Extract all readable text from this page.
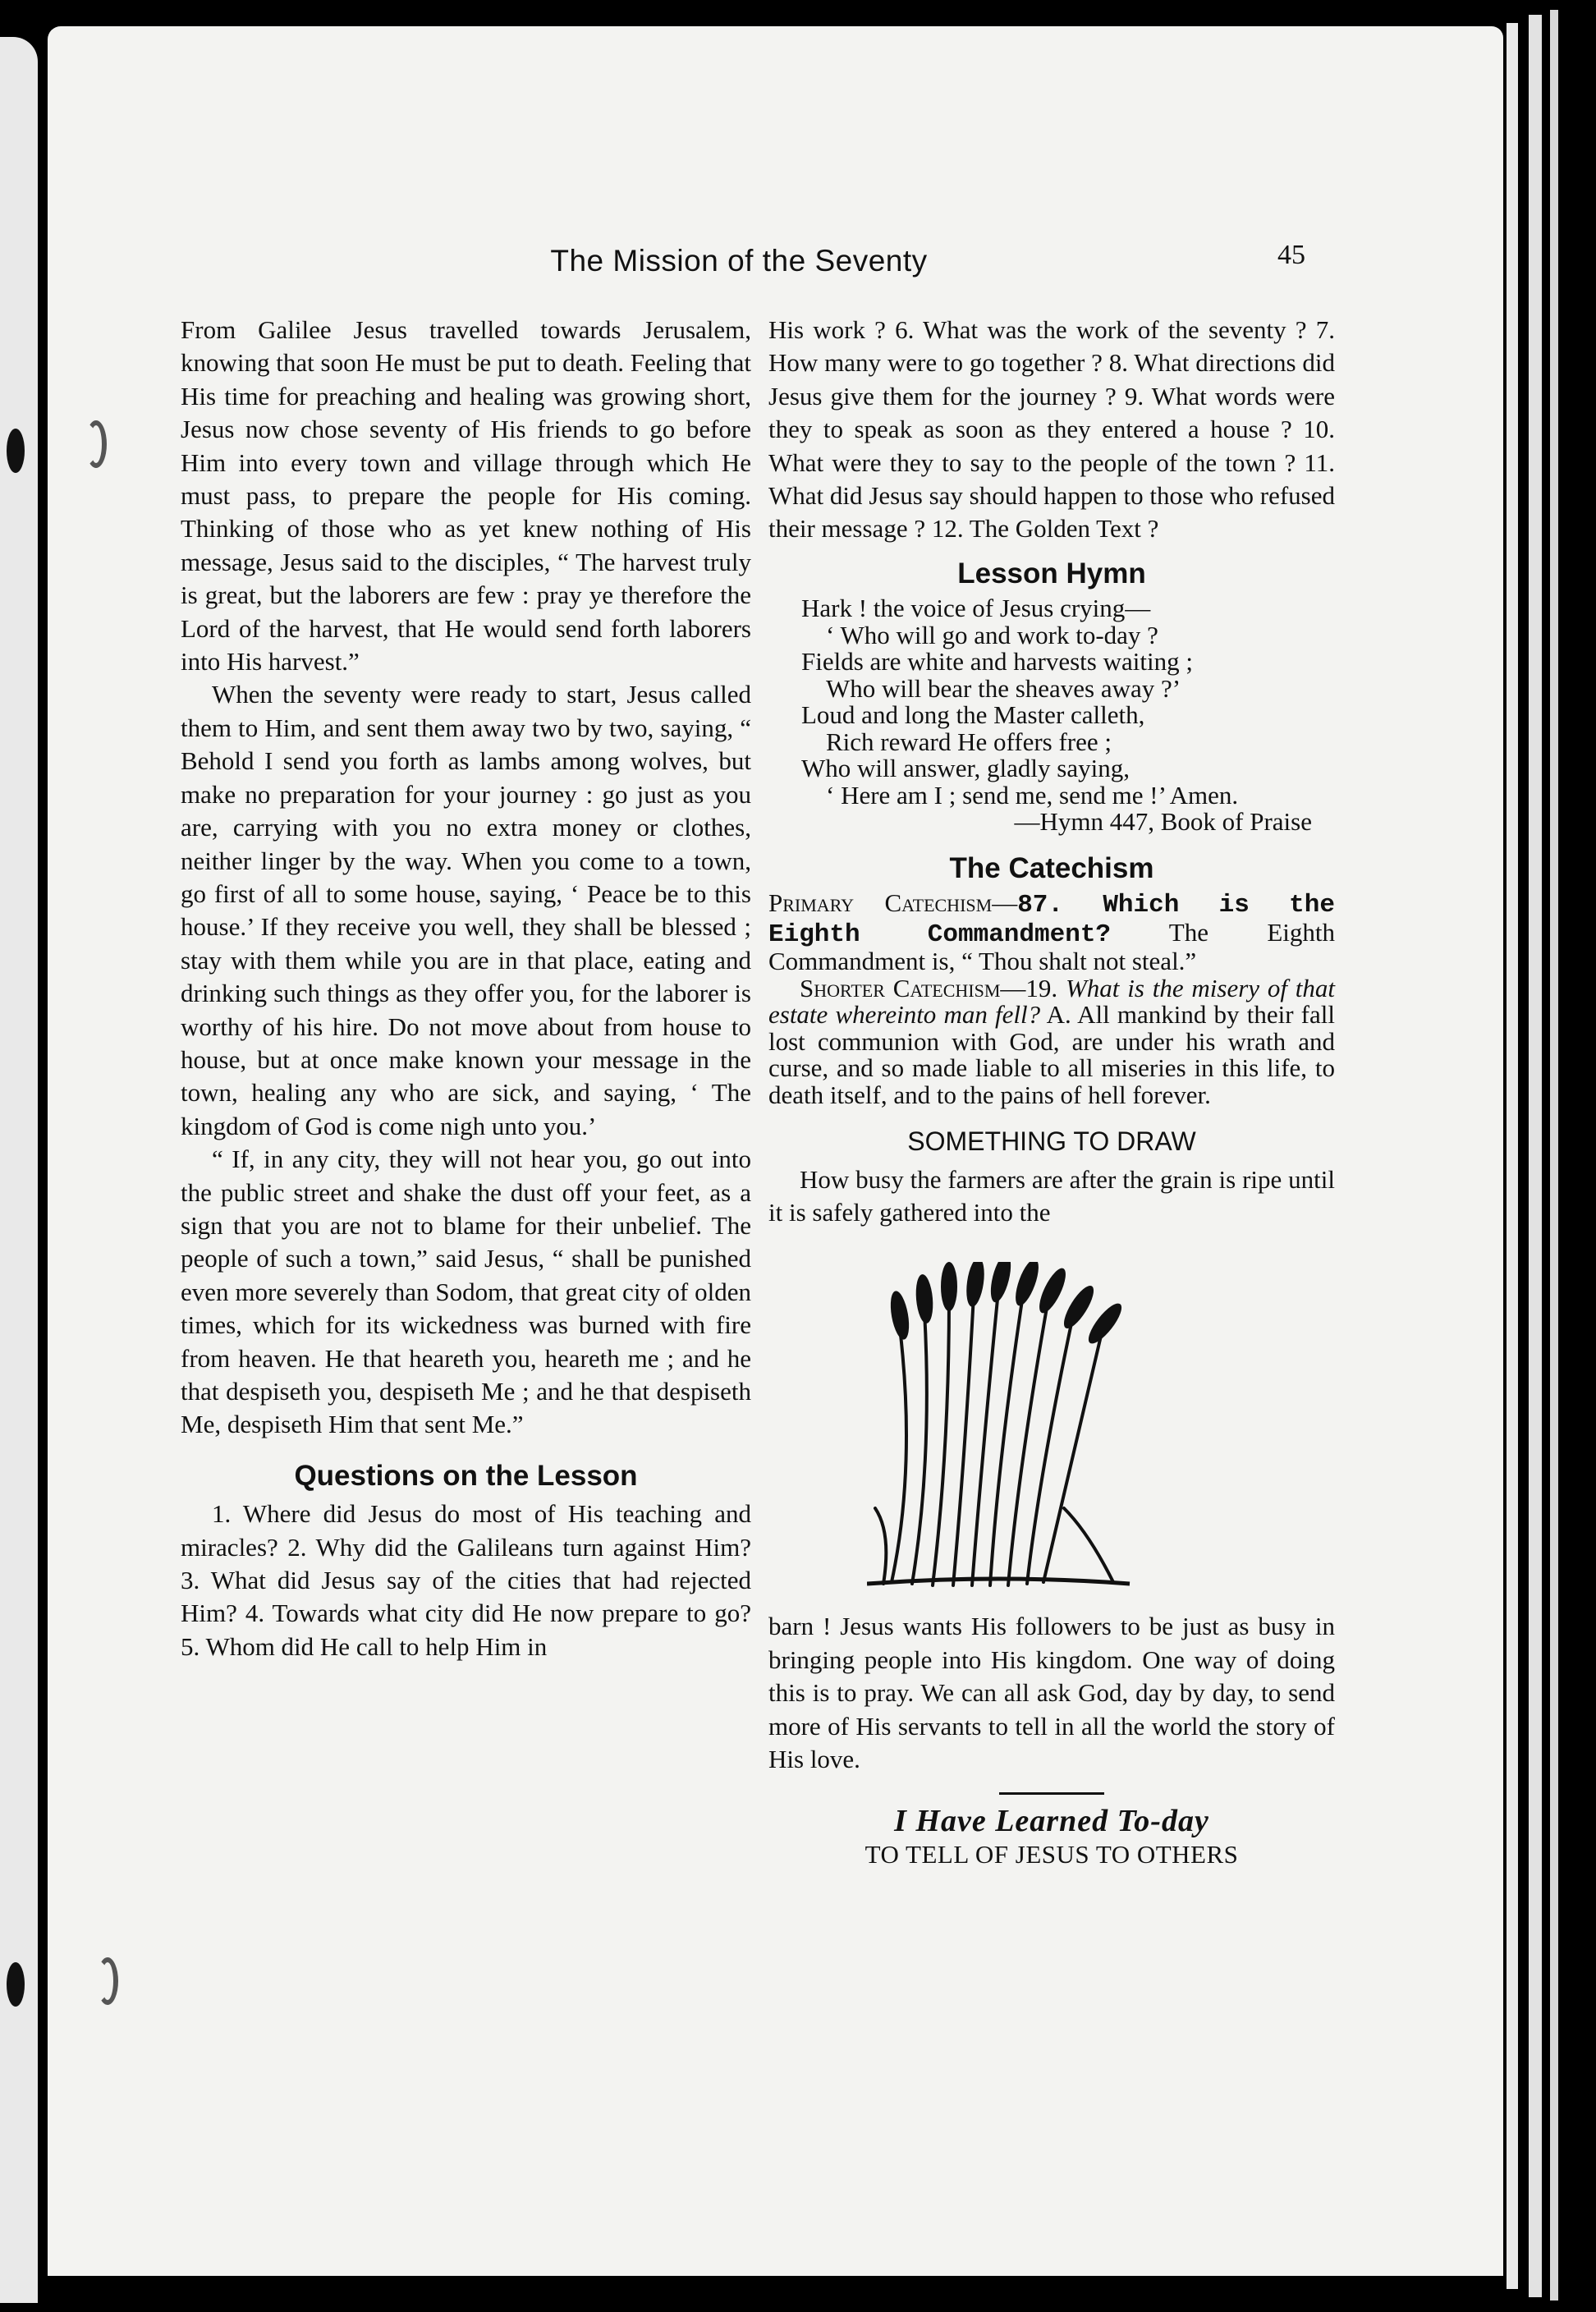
The Mission of the Seventy	45

From Galilee Jesus travelled towards Jerusalem, knowing that soon He must be put to death. Feeling that His time for preaching and healing was growing short, Jesus now chose seventy of His friends to go before Him into every town and village through which He must pass, to prepare the people for His coming. Thinking of those who as yet knew nothing of His message, Jesus said to the disciples, “ The harvest truly is great, but the laborers are few : pray ye therefore the Lord of the harvest, that He would send forth laborers into His harvest.”

When the seventy were ready to start, Jesus called them to Him, and sent them away two by two, saying, “ Behold I send you forth as lambs among wolves, but make no preparation for your journey : go just as you are, carrying with you no extra money or clothes, neither linger by the way. When you come to a town, go first of all to some house, saying, ‘ Peace be to this house.’ If they receive you well, they shall be blessed ; stay with them while you are in that place, eating and drinking such things as they offer you, for the laborer is worthy of his hire. Do not move about from house to house, but at once make known your message in the town, healing any who are sick, and saying, ‘ The kingdom of God is come nigh unto you.’

“ If, in any city, they will not hear you, go out into the public street and shake the dust off your feet, as a sign that you are not to blame for their unbelief. The people of such a town,” said Jesus, “ shall be punished even more severely than Sodom, that great city of olden times, which for its wickedness was burned with fire from heaven. He that heareth you, heareth me ; and he that despiseth you, despiseth Me ; and he that despiseth Me, despiseth Him that sent Me.”

Questions on the Lesson

1. Where did Jesus do most of His teaching and miracles? 2. Why did the Galileans turn against Him? 3. What did Jesus say of the cities that had rejected Him? 4. Towards what city did He now prepare to go? 5. Whom did He call to help Him in

His work ? 6. What was the work of the seventy ? 7. How many were to go together ? 8. What directions did Jesus give them for the journey ? 9. What words were they to speak as soon as they entered a house ? 10. What were they to say to the people of the town ? 11. What did Jesus say should happen to those who refused their message ? 12. The Golden Text ?

Lesson Hymn
Hark ! the voice of Jesus crying—
‘ Who will go and work to-day ?
Fields are white and harvests waiting ;
Who will bear the sheaves away ?’
Loud and long the Master calleth,
Rich reward He offers free ;
Who will answer, gladly saying,
‘ Here am I ; send me, send me !’ Amen.
—Hymn 447, Book of Praise
The Catechism

Primary Catechism—87. Which is the Eighth Commandment? The Eighth Commandment is, “ Thou shalt not steal.”

Shorter Catechism—19. What is the misery of that estate whereinto man fell? A. All mankind by their fall lost communion with God, are under his wrath and curse, and so made liable to all miseries in this life, to death itself, and to the pains of hell forever.

SOMETHING TO DRAW

How busy the farmers are after the grain is ripe until it is safely gathered into the

barn ! Jesus wants His followers to be just as busy in bringing people into His kingdom. One way of doing this is to pray. We can all ask God, day by day, to send more of His servants to tell in all the world the story of His love.

I Have Learned To-day
TO TELL OF JESUS TO OTHERS
